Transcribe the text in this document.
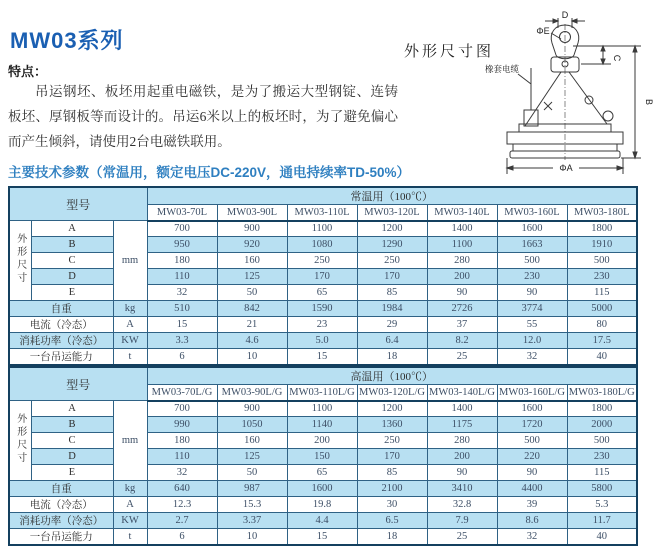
MW03系列
特点：
吊运钢坯、板坯用起重电磁铁，是为了搬运大型钢锭、连铸板坯、厚钢板等而设计的。吊运6米以上的板坯时，为了避免偏心而产生倾斜，请使用2台电磁铁联用。
主要技术参数（常温用，额定电压DC-220V，通电持续率TD-50%）
外形尺寸图
D
ΦE
C
B
ΦA
橡套电缆
型号			常温用（100℃）						
			MW03-70L	MW03-90L	MW03-110L	MW03-120L	MW03-140L	MW03-160L	MW03-180L
外形尺寸	A	mm	700	900	1100	1200	1400	1600	1800
	B		950	920	1080	1290	1100	1663	1910
	C		180	160	250	250	280	500	500
	D		110	125	170	170	200	230	230
	E		32	50	65	85	90	90	115
自重		kg	510	842	1590	1984	2726	3774	5000
电流（冷态）		A	15	21	23	29	37	55	80
消耗功率（冷态）		KW	3.3	4.6	5.0	6.4	8.2	12.0	17.5
一台吊运能力		t	6	10	15	18	25	32	40
型号			高温用（100℃）						
			MW03-70L/G	MW03-90L/G	MW03-110L/G	MW03-120L/G	MW03-140L/G	MW03-160L/G	MW03-180L/G
外形尺寸	A	mm	700	900	1100	1200	1400	1600	1800
	B		990	1050	1140	1360	1175	1720	2000
	C		180	160	200	250	280	500	500
	D		110	125	150	170	200	220	230
	E		32	50	65	85	90	90	115
自重		kg	640	987	1600	2100	3410	4400	5800
电流（冷态）		A	12.3	15.3	19.8	30	32.8	39	5.3
消耗功率（冷态）		KW	2.7	3.37	4.4	6.5	7.9	8.6	11.7
一台吊运能力		t	6	10	15	18	25	32	40
